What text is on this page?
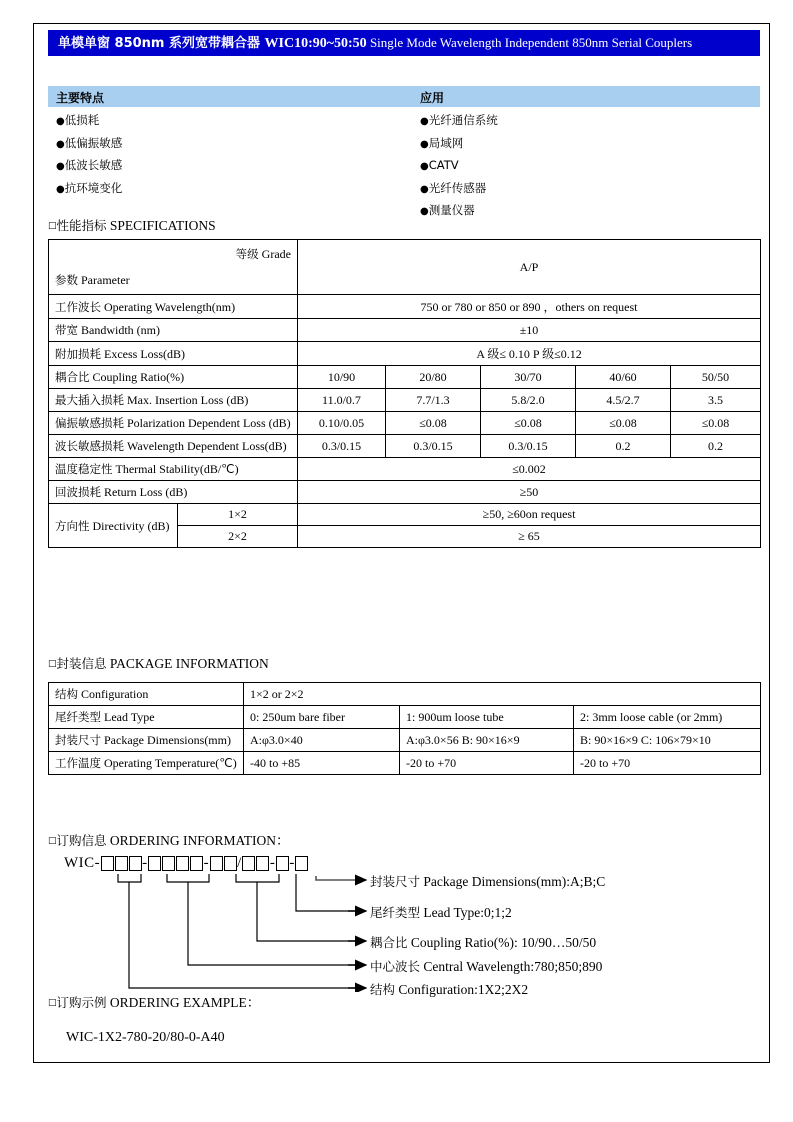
单模单窗 850nm 系列宽带耦合器 WIC10:90~50:50 Single Mode Wavelength Independent 850nm Serial Couplers
主要特点	应用
●低损耗
●低偏振敏感
●低波长敏感
●抗环境变化
●光纤通信系统
●局域网
●CATV
●光纤传感器
●测量仪器
□性能指标 SPECIFICATIONS
等级 Grade
参数 Parameter		A/P				
工作波长 Operating Wavelength(nm)		750 or 780 or 850 or 890 ，others on request				
带宽 Bandwidth (nm)		±10				
附加损耗 Excess Loss(dB)		A 级≤ 0.10 P 级≤0.12				
耦合比 Coupling Ratio(%)		10/90	20/80	30/70	40/60	50/50
最大插入损耗 Max. Insertion Loss (dB)		11.0/0.7	7.7/1.3	5.8/2.0	4.5/2.7	3.5
偏振敏感损耗 Polarization Dependent Loss (dB)		0.10/0.05	≤0.08	≤0.08	≤0.08	≤0.08
波长敏感损耗 Wavelength Dependent Loss(dB)		0.3/0.15	0.3/0.15	0.3/0.15	0.2	0.2
温度稳定性 Thermal Stability(dB/℃)		≤0.002				
回波损耗 Return Loss (dB)		≥50				
方向性 Directivity (dB)	1×2	≥50, ≥60on request				
	2×2	≥ 65				
□封装信息 PACKAGE INFORMATION
结构 Configuration	1×2 or 2×2		
尾纤类型 Lead Type	0: 250um bare fiber	1: 900um loose tube	2: 3mm loose cable (or 2mm)
封装尺寸 Package Dimensions(mm)	A:φ3.0×40	A:φ3.0×56 B: 90×16×9	B: 90×16×9 C: 106×79×10
工作温度 Operating Temperature(℃)	-40 to +85	-20 to +70	-20 to +70
□订购信息 ORDERING INFORMATION：
WIC-	-	- / - -
封装尺寸 Package Dimensions(mm):A;B;C
尾纤类型 Lead Type:0;1;2
耦合比 Coupling Ratio(%): 10/90…50/50
中心波长 Central Wavelength:780;850;890
结构 Configuration:1X2;2X2
□订购示例 ORDERING EXAMPLE：
WIC-1X2-780-20/80-0-A40
